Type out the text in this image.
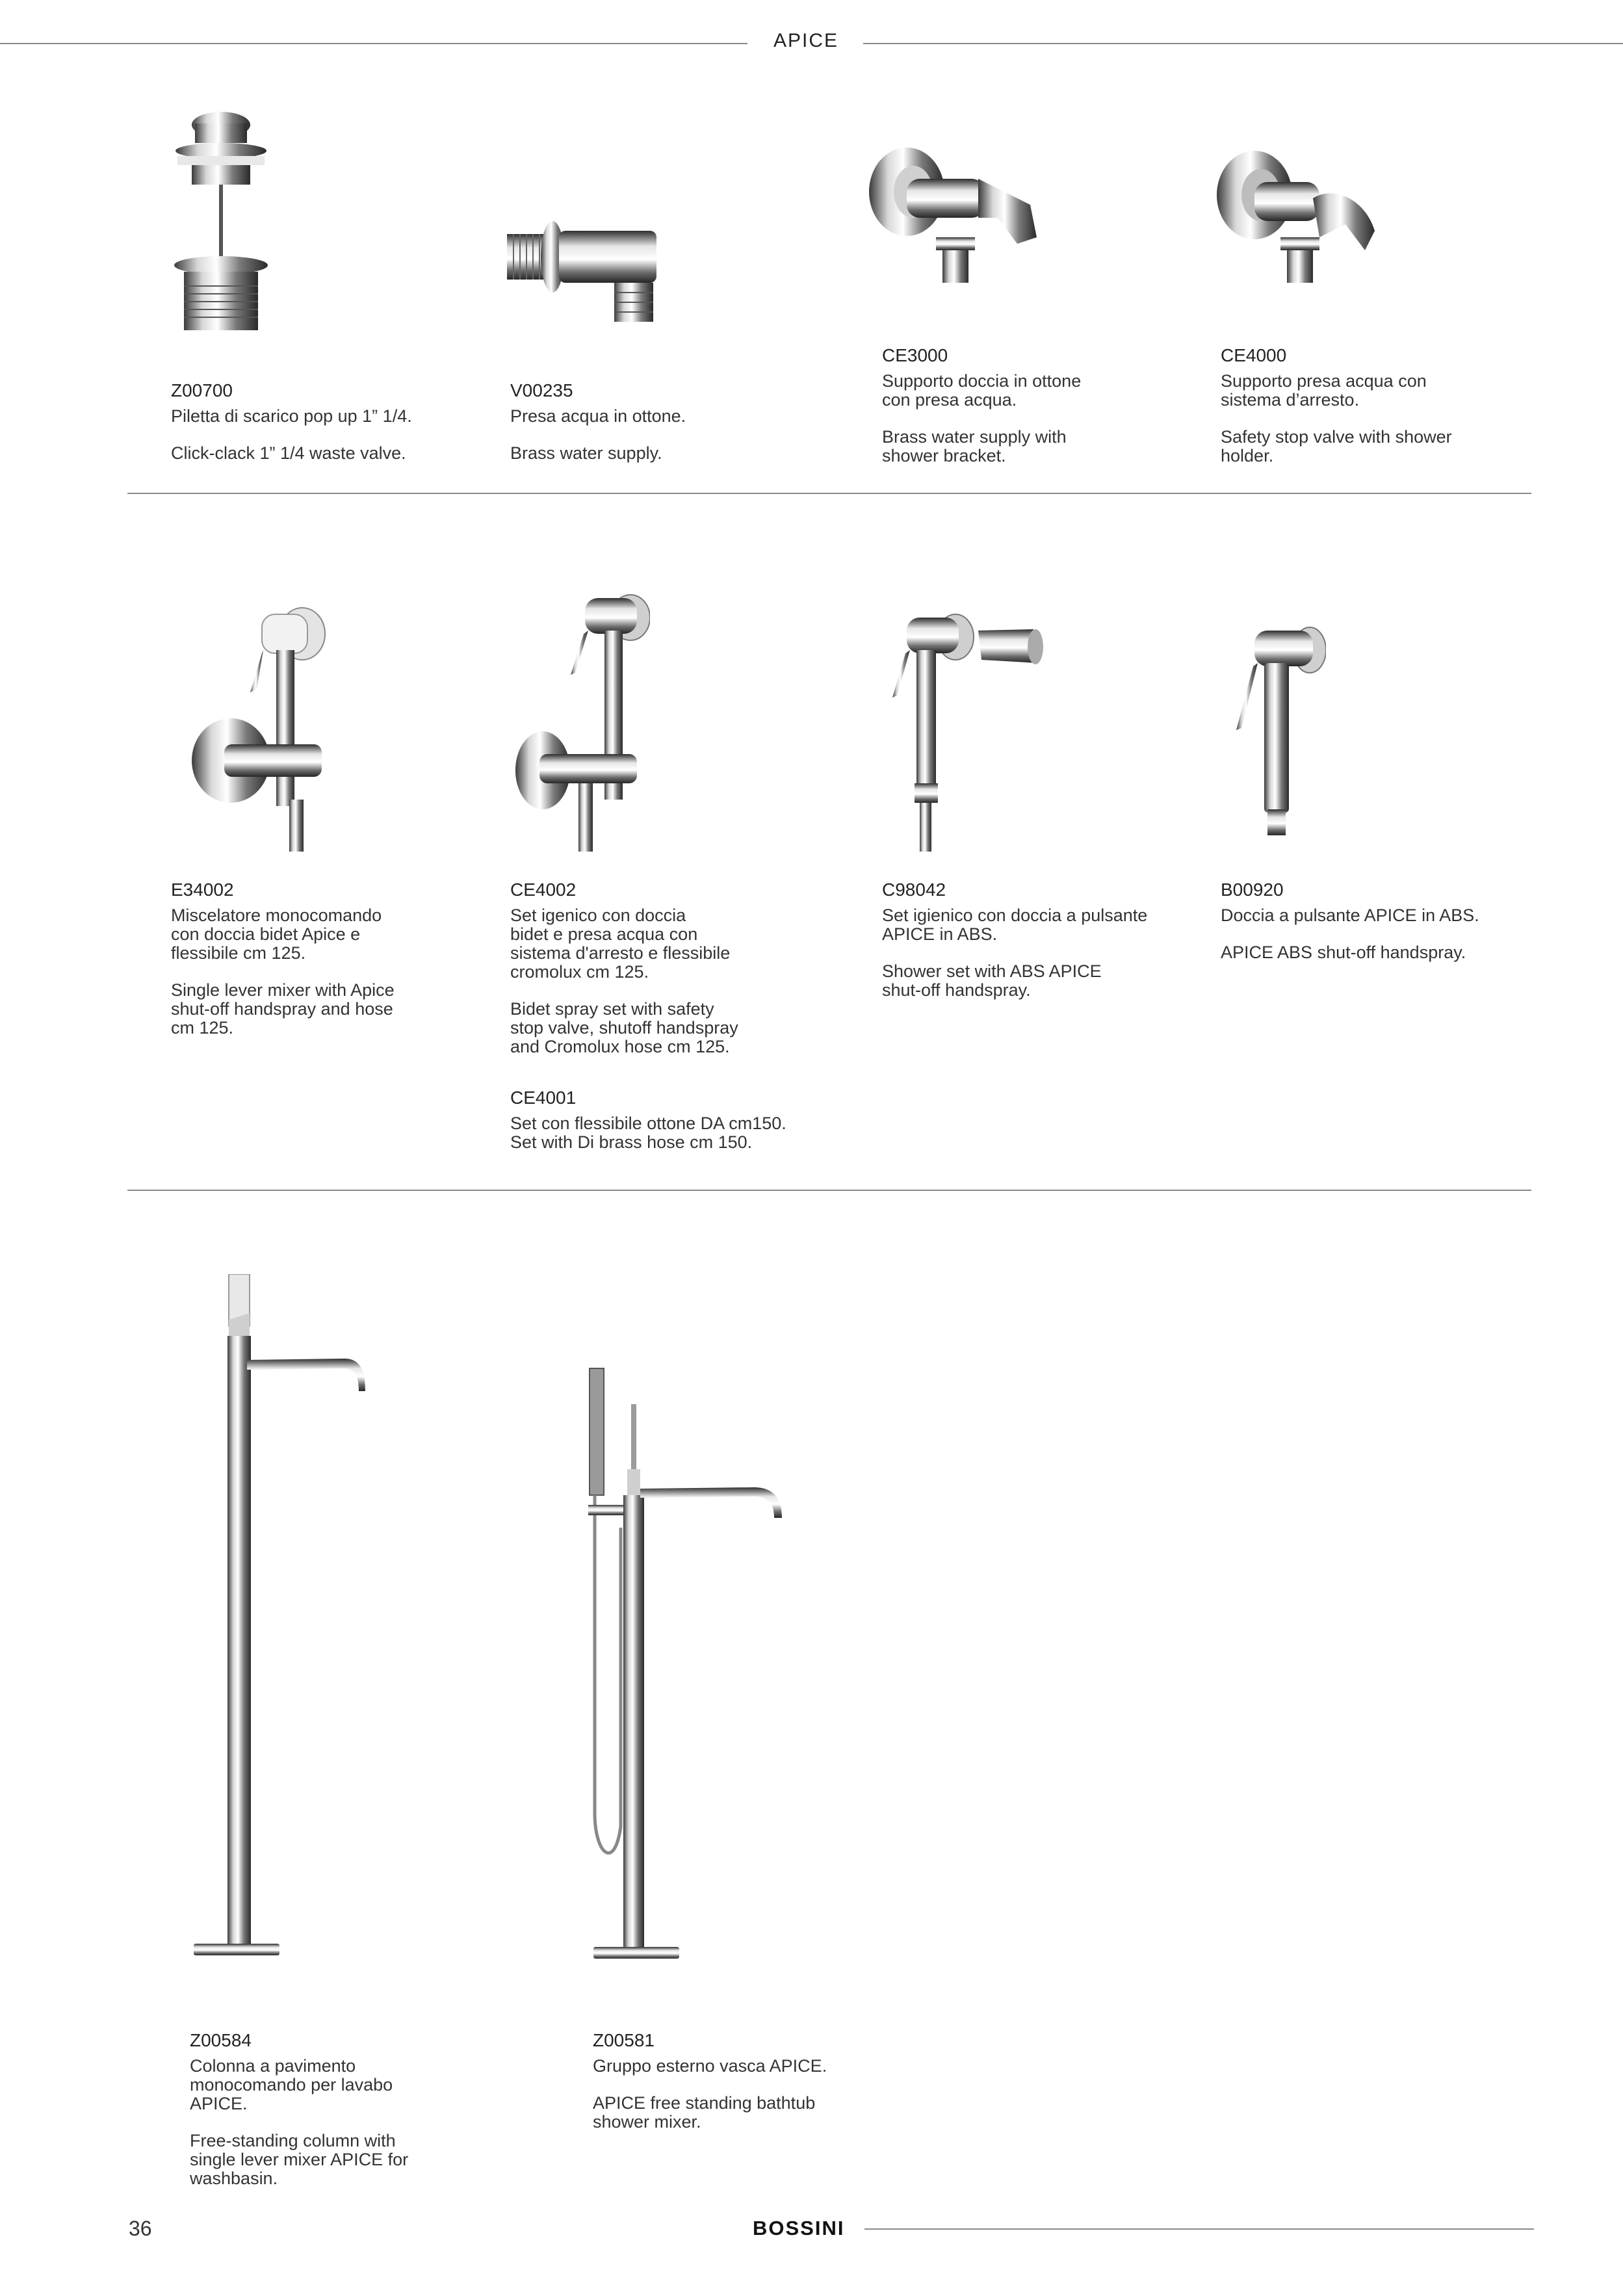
APICE
Z00700
Piletta di scarico pop up 1” 1/4.
Click-clack 1” 1/4 waste valve.
V00235
Presa acqua in ottone.
Brass water supply.
CE3000
Supporto doccia in ottone
con presa acqua.
Brass water supply with
shower bracket.
CE4000
Supporto presa acqua con
sistema d’arresto.
Safety stop valve with shower
holder.
E34002
Miscelatore monocomando
con doccia bidet Apice e
flessibile cm 125.
Single lever mixer with Apice
shut-off handspray and hose
cm 125.
CE4002
Set igenico con doccia
bidet e presa acqua con
sistema d'arresto e flessibile
cromolux cm 125.
Bidet spray set with safety
stop valve, shutoff handspray
and Cromolux hose cm 125.
CE4001
Set con flessibile ottone DA cm150.
Set with Di brass hose cm 150.
C98042
Set igienico con doccia a pulsante
APICE in ABS.
Shower set with ABS APICE
shut-off handspray.
B00920
Doccia a pulsante APICE in ABS.
APICE ABS shut-off handspray.
Z00584
Colonna a pavimento
monocomando per lavabo
APICE.
Free-standing column with
single lever mixer APICE for
washbasin.
Z00581
Gruppo esterno vasca APICE.
APICE free standing bathtub
shower mixer.
36	BOSSINI
